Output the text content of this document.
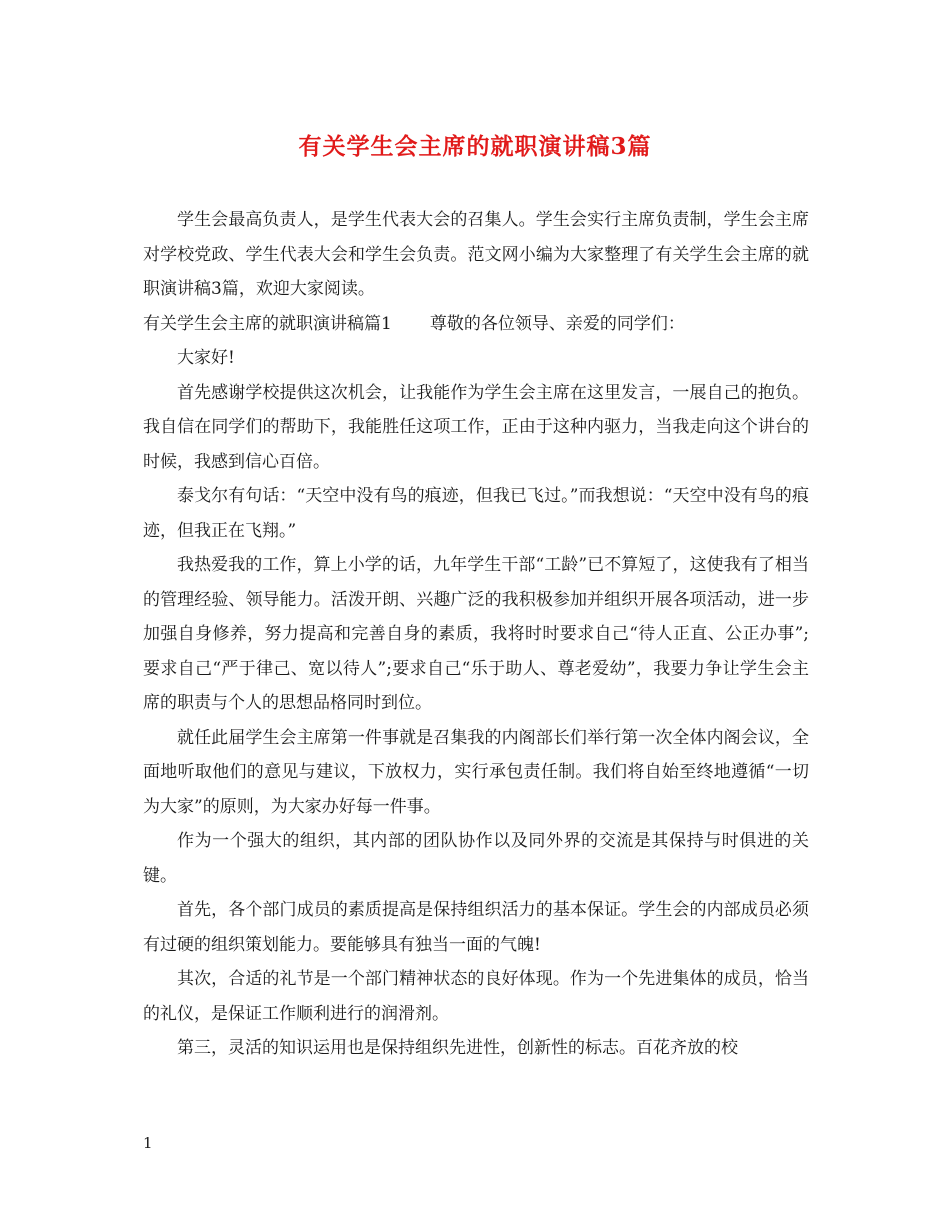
有关学生会主席的就职演讲稿3篇

学生会最高负责人，是学生代表大会的召集人。学生会实行主席负责制，学生会主席对学校党政、学生代表大会和学生会负责。范文网小编为大家整理了有关学生会主席的就职演讲稿3篇，欢迎大家阅读。

有关学生会主席的就职演讲稿篇1 尊敬的各位领导、亲爱的同学们：

大家好!

首先感谢学校提供这次机会，让我能作为学生会主席在这里发言，一展自己的抱负。我自信在同学们的帮助下，我能胜任这项工作，正由于这种内驱力，当我走向这个讲台的时候，我感到信心百倍。

泰戈尔有句话：“天空中没有鸟的痕迹，但我已飞过。”而我想说：“天空中没有鸟的痕迹，但我正在飞翔。”

我热爱我的工作，算上小学的话，九年学生干部“工龄”已不算短了，这使我有了相当的管理经验、领导能力。活泼开朗、兴趣广泛的我积极参加并组织开展各项活动，进一步加强自身修养，努力提高和完善自身的素质，我将时时要求自己“待人正直、公正办事”;要求自己“严于律己、宽以待人”;要求自己“乐于助人、尊老爱幼”，我要力争让学生会主席的职责与个人的思想品格同时到位。

就任此届学生会主席第一件事就是召集我的内阁部长们举行第一次全体内阁会议，全面地听取他们的意见与建议，下放权力，实行承包责任制。我们将自始至终地遵循“一切为大家”的原则，为大家办好每一件事。

作为一个强大的组织，其内部的团队协作以及同外界的交流是其保持与时俱进的关键。

首先，各个部门成员的素质提高是保持组织活力的基本保证。学生会的内部成员必须有过硬的组织策划能力。要能够具有独当一面的气魄!

其次，合适的礼节是一个部门精神状态的良好体现。作为一个先进集体的成员，恰当的礼仪，是保证工作顺利进行的润滑剂。

第三，灵活的知识运用也是保持组织先进性，创新性的标志。百花齐放的校

1
